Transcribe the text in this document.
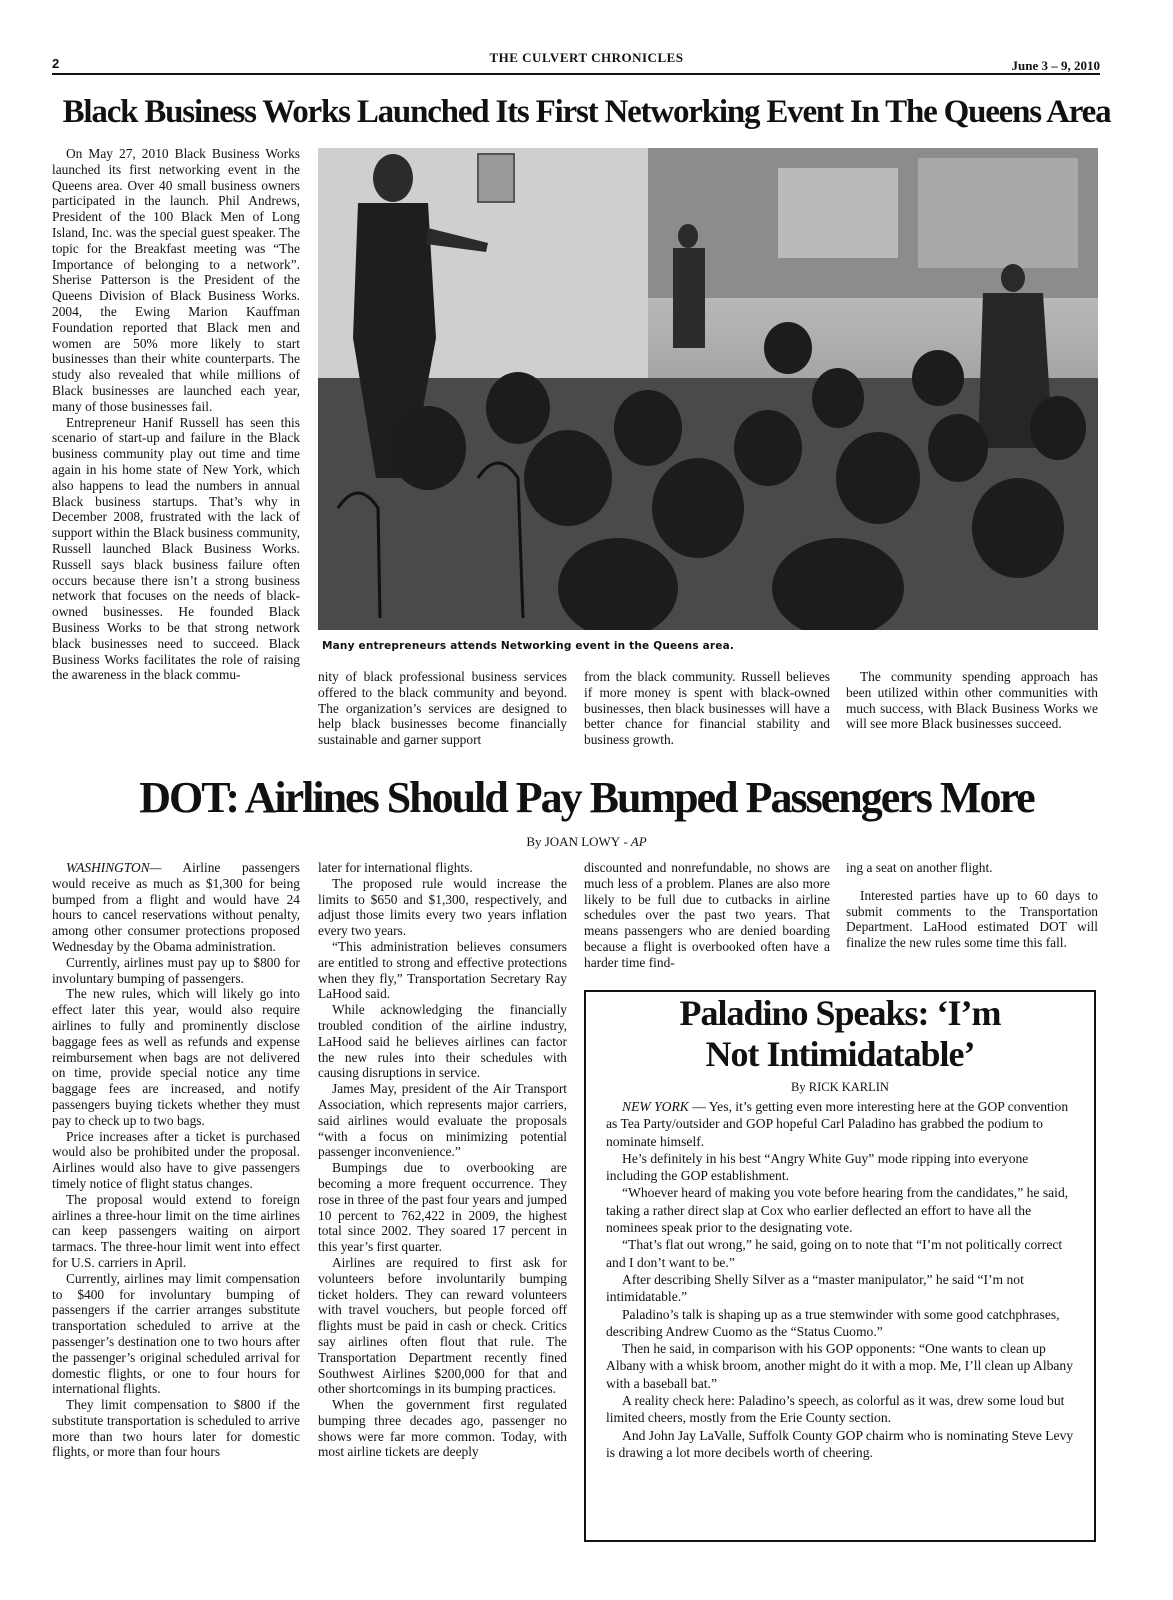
2	THE CULVERT CHRONICLES
June 3 – 9, 2010
Black Business Works Launched Its First Networking Event In The Queens Area

On May 27, 2010 Black Business Works launched its first networking event in the Queens area. Over 40 small business owners participated in the launch. Phil Andrews, President of the 100 Black Men of Long Island, Inc. was the special guest speaker. The topic for the Breakfast meeting was “The Importance of belonging to a network”. Sherise Patterson is the President of the Queens Division of Black Business Works. 2004, the Ewing Marion Kauffman Foundation reported that Black men and women are 50% more likely to start businesses than their white counterparts. The study also revealed that while millions of Black businesses are launched each year, many of those businesses fail.

Entrepreneur Hanif Russell has seen this scenario of start-up and failure in the Black business community play out time and time again in his home state of New York, which also happens to lead the numbers in annual Black business startups. That’s why in December 2008, frustrated with the lack of support within the Black business community, Russell launched Black Business Works. Russell says black business failure often occurs because there isn’t a strong business network that focuses on the needs of black-owned businesses. He founded Black Business Works to be that strong network black businesses need to succeed. Black Business Works facilitates the role of raising the awareness in the black commu-

Many entrepreneurs attends Networking event in the Queens area.

nity of black professional business services offered to the black community and beyond. The organization’s services are designed to help black businesses become financially sustainable and garner support

from the black community. Russell believes if more money is spent with black-owned businesses, then black businesses will have a better chance for financial stability and business growth.

The community spending approach has been utilized within other communities with much success, with Black Business Works we will see more Black businesses succeed.

DOT: Airlines Should Pay Bumped Passengers More
By JOAN LOWY - AP

WASHINGTON— Airline passengers would receive as much as $1,300 for being bumped from a flight and would have 24 hours to cancel reservations without penalty, among other consumer protections proposed Wednesday by the Obama administration.

Currently, airlines must pay up to $800 for involuntary bumping of passengers.

The new rules, which will likely go into effect later this year, would also require airlines to fully and prominently disclose baggage fees as well as refunds and expense reimbursement when bags are not delivered on time, provide special notice any time baggage fees are increased, and notify passengers buying tickets whether they must pay to check up to two bags.

Price increases after a ticket is purchased would also be prohibited under the proposal. Airlines would also have to give passengers timely notice of flight status changes.

The proposal would extend to foreign airlines a three-hour limit on the time airlines can keep passengers waiting on airport tarmacs. The three-hour limit went into effect for U.S. carriers in April.

Currently, airlines may limit compensation to $400 for involuntary bumping of passengers if the carrier arranges substitute transportation scheduled to arrive at the passenger’s destination one to two hours after the passenger’s original scheduled arrival for domestic flights, or one to four hours for international flights.

They limit compensation to $800 if the substitute transportation is scheduled to arrive more than two hours later for domestic flights, or more than four hours

later for international flights.

The proposed rule would increase the limits to $650 and $1,300, respectively, and adjust those limits every two years inflation every two years.

“This administration believes consumers are entitled to strong and effective protections when they fly,” Transportation Secretary Ray LaHood said.

While acknowledging the financially troubled condition of the airline industry, LaHood said he believes airlines can factor the new rules into their schedules with causing disruptions in service.

James May, president of the Air Transport Association, which represents major carriers, said airlines would evaluate the proposals “with a focus on minimizing potential passenger inconvenience.”

Bumpings due to overbooking are becoming a more frequent occurrence. They rose in three of the past four years and jumped 10 percent to 762,422 in 2009, the highest total since 2002. They soared 17 percent in this year’s first quarter.

Airlines are required to first ask for volunteers before involuntarily bumping ticket holders. They can reward volunteers with travel vouchers, but people forced off flights must be paid in cash or check. Critics say airlines often flout that rule. The Transportation Department recently fined Southwest Airlines $200,000 for that and other shortcomings in its bumping practices.

When the government first regulated bumping three decades ago, passenger no shows were far more common. Today, with most airline tickets are deeply

discounted and nonrefundable, no shows are much less of a problem. Planes are also more likely to be full due to cutbacks in airline schedules over the past two years. That means passengers who are denied boarding because a flight is overbooked often have a harder time find-

ing a seat on another flight.

Interested parties have up to 60 days to submit comments to the Transportation Department. LaHood estimated DOT will finalize the new rules some time this fall.

Paladino Speaks: ‘I’m
Not Intimidatable’
By RICK KARLIN

NEW YORK — Yes, it’s getting even more interesting here at the GOP convention as Tea Party/outsider and GOP hopeful Carl Paladino has grabbed the podium to nominate himself.

He’s definitely in his best “Angry White Guy” mode ripping into everyone including the GOP establishment.

“Whoever heard of making you vote before hearing from the candidates,” he said, taking a rather direct slap at Cox who earlier deflected an effort to have all the nominees speak prior to the designating vote.

“That’s flat out wrong,” he said, going on to note that “I’m not politically correct and I don’t want to be.”

After describing Shelly Silver as a “master manipulator,” he said “I’m not intimidatable.”

Paladino’s talk is shaping up as a true stemwinder with some good catchphrases, describing Andrew Cuomo as the “Status Cuomo.”

Then he said, in comparison with his GOP opponents: “One wants to clean up Albany with a whisk broom, another might do it with a mop. Me, I’ll clean up Albany with a baseball bat.”

A reality check here: Paladino’s speech, as colorful as it was, drew some loud but limited cheers, mostly from the Erie County section.

And John Jay LaValle, Suffolk County GOP chairm who is nominating Steve Levy is drawing a lot more decibels worth of cheering.
